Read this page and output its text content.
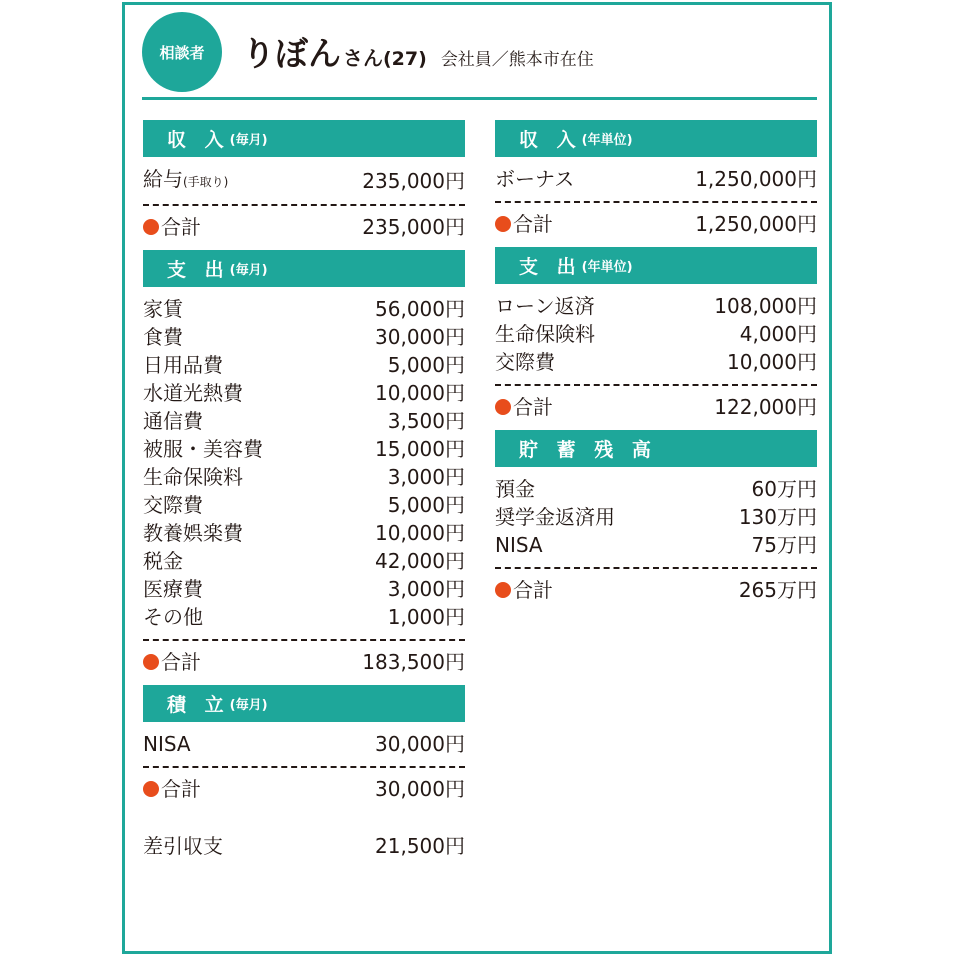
相談者	りぼん さん (27) 会社員／熊本市在住
収 入 (毎月)
給与(手取り)	235,000円
合計	235,000円
支 出 (毎月)
家賃	56,000円
食費	30,000円
日用品費	5,000円
水道光熱費	10,000円
通信費	3,500円
被服・美容費	15,000円
生命保険料	3,000円
交際費	5,000円
教養娯楽費	10,000円
税金	42,000円
医療費	3,000円
その他	1,000円
合計	183,500円
積 立 (毎月)
NISA	30,000円
合計	30,000円
差引収支	21,500円
収 入 (年単位)
ボーナス	1,250,000円
合計	1,250,000円
支 出 (年単位)
ローン返済	108,000円
生命保険料	4,000円
交際費	10,000円
合計	122,000円
貯 蓄 残 高
預金	60万円
奨学金返済用	130万円
NISA	75万円
合計	265万円
